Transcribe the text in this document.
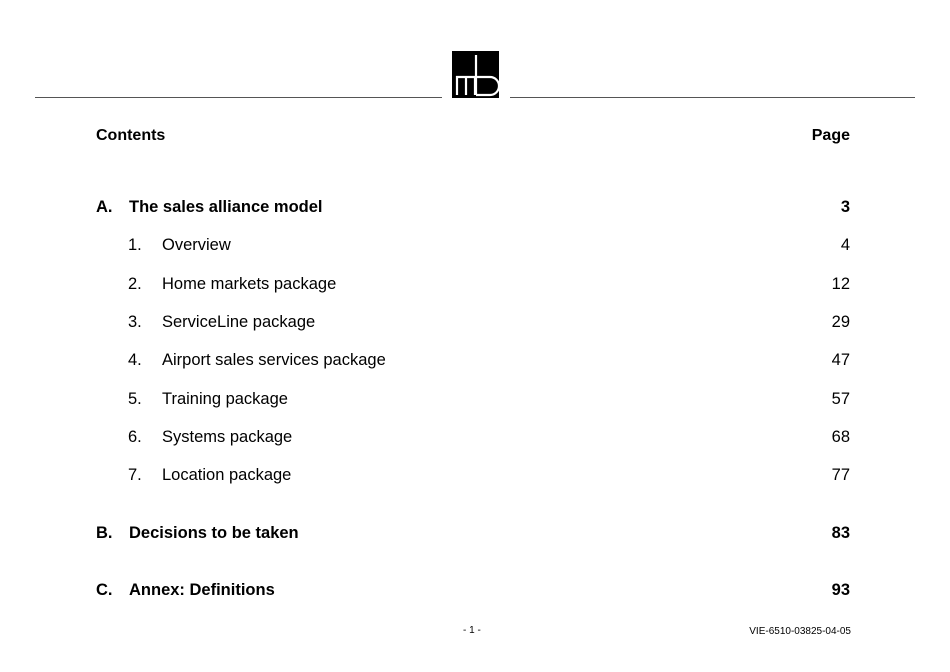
Contents	Page
A. The sales alliance model	3
1. Overview	4
2. Home markets package	12
3. ServiceLine package	29
4. Airport sales services package	47
5. Training package	57
6. Systems package	68
7. Location package	77
B. Decisions to be taken	83
C. Annex: Definitions	93
- 1 -	VIE-6510-03825-04-05
